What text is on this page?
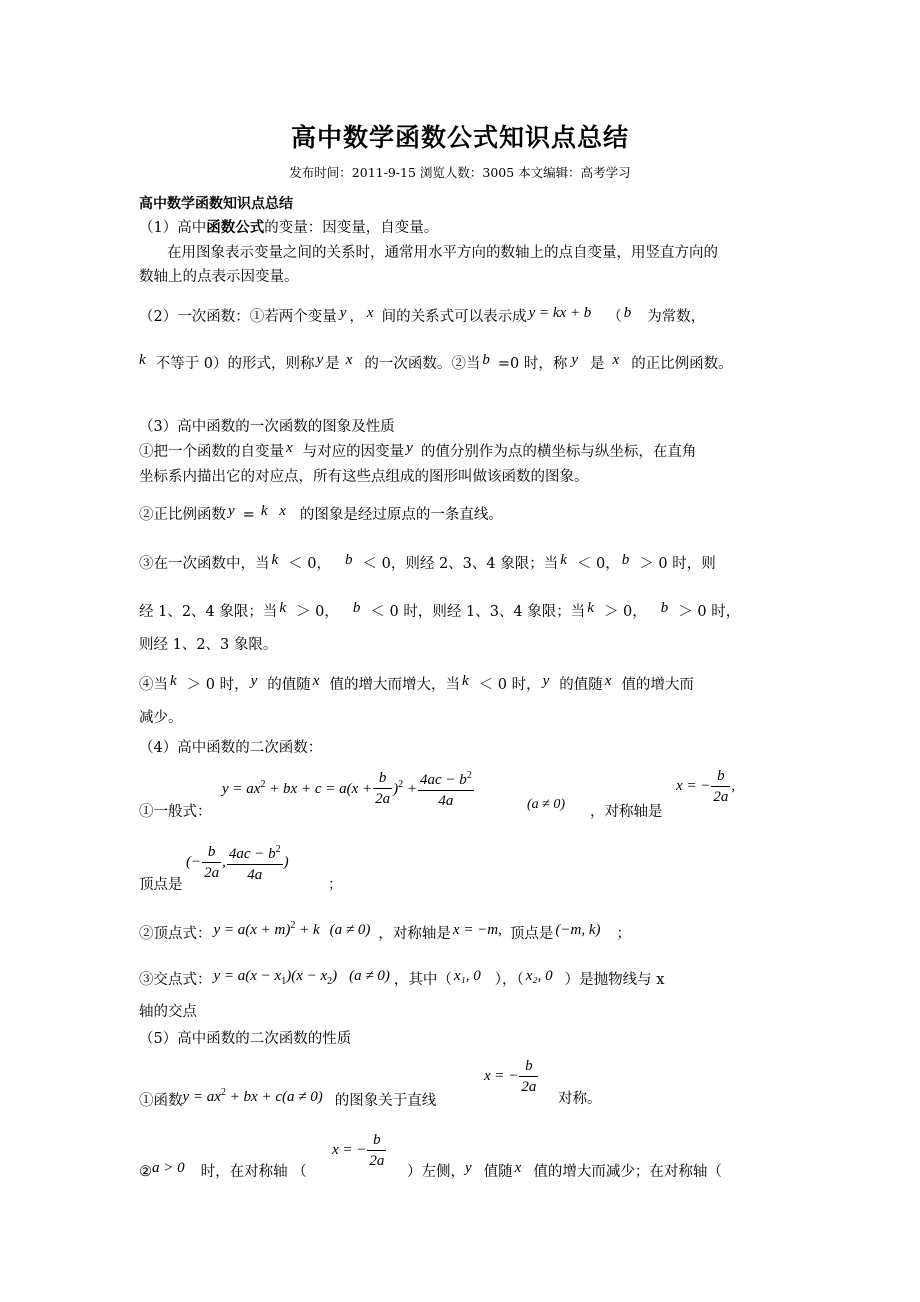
高中数学函数公式知识点总结
发布时间：2011-9-15 浏览人数：3005 本文编辑：高考学习
高中数学函数知识点总结
（1）高中函数公式的变量：因变量，自变量。
在用图象表示变量之间的关系时，通常用水平方向的数轴上的点自变量，用竖直方向的
数轴上的点表示因变量。
（2）一次函数：①若两个变量 y ， x 间的关系式可以表示成 y = kx + b （ b 为常数，
k 不等于 0）的形式，则称 y 是 x 的一次函数。②当 b =0 时，称 y 是 x 的正比例函数。
（3）高中函数的一次函数的图象及性质
①把一个函数的自变量 x 与对应的因变量 y 的值分别作为点的横坐标与纵坐标，在直角
坐标系内描出它的对应点，所有这些点组成的图形叫做该函数的图象。
②正比例函数 y = k x 的图象是经过原点的一条直线。
③在一次函数中，当 k ＜ 0， b ＜ 0，则经 2、3、4 象限；当 k ＜ 0， b ＞ 0 时，则
经 1、2、4 象限；当 k ＞ 0， b ＜ 0 时，则经 1、3、4 象限；当 k ＞ 0， b ＞ 0 时，
则经 1、2、3 象限。
④当 k ＞ 0 时， y 的值随 x 值的增大而增大，当 k ＜ 0 时， y 的值随 x 值的增大而
减少。
（4）高中函数的二次函数：
$y = ax^2$ + bx + $c = a(x + \frac{b}{2a} )^2 + \frac{4ac - b^2}{4a}$
①一般式：	(a ≠ 0) ，对称轴是
x = − $\frac{b}{2a}$ ,
(− $\frac{b}{2a}$ , $\frac{4ac - b^2}{4a}$ )
顶点是	；
②顶点式： $y = a(x + m)^2 + k$ (a ≠ 0) ，对称轴是 x = −m, 顶点是 (−m, k) ；
③交点式： $y = a(x - x_1)(x - x_2)$ (a ≠ 0) ，其中（ x₁, 0 ），（ x₂, 0 ）是抛物线与 x
轴的交点
（5）高中函数的二次函数的性质
①函数$y = ax^2$ + bx + c(a ≠ 0) 的图象关于直线
x = − $\frac{b}{2a}$
对称。
②a > 0 时，在对称轴 （
x = − $\frac{b}{2a}$
）左侧，y 值随 x 值的增大而减少；在对称轴（
